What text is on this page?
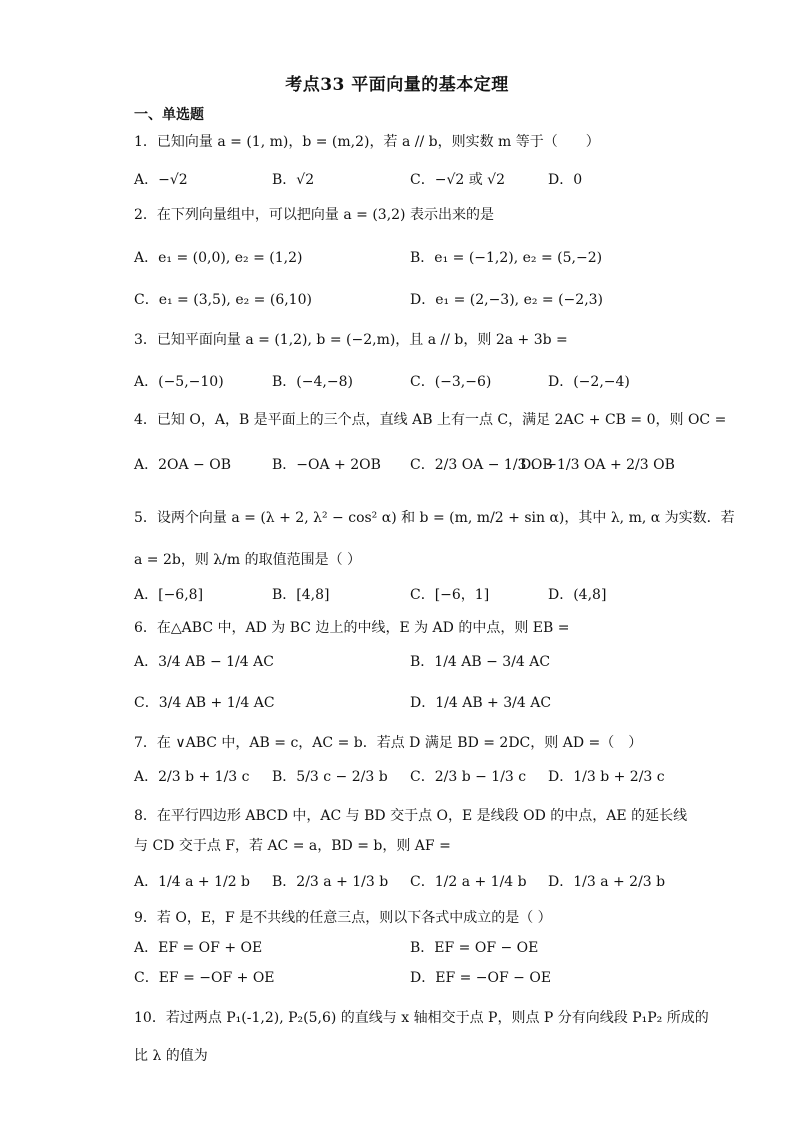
考点33 平面向量的基本定理
一、单选题
1．已知向量 a = (1, m)，b = (m,2)，若 a // b，则实数 m 等于（　　）
A．−√2	B．√2	C．−√2 或 √2	D．0
2．在下列向量组中，可以把向量 a = (3,2) 表示出来的是
A．e₁ = (0,0), e₂ = (1,2)	B．e₁ = (−1,2), e₂ = (5,−2)
C．e₁ = (3,5), e₂ = (6,10)	D．e₁ = (2,−3), e₂ = (−2,3)
3．已知平面向量 a = (1,2), b = (−2,m)，且 a // b，则 2a + 3b =
A．(−5,−10)	B．(−4,−8)	C．(−3,−6)	D．(−2,−4)
4．已知 O，A，B 是平面上的三个点，直线 AB 上有一点 C，满足 2AC + CB = 0，则 OC =
A．2OA − OB	B．−OA + 2OB C．2/3 OA − 1/3 OB
D．−1/3 OA + 2/3 OB
5．设两个向量 a = (λ + 2, λ² − cos² α) 和 b = (m, m/2 + sin α)，其中 λ, m, α 为实数．若
a = 2b，则 λ/m 的取值范围是（ ）
A．[−6,8]	B．[4,8]	C．[−6，1]	D．(4,8]
6．在△ABC 中，AD 为 BC 边上的中线，E 为 AD 的中点，则 EB =
A．3/4 AB − 1/4 AC	B．1/4 AB − 3/4 AC
C．3/4 AB + 1/4 AC	D．1/4 AB + 3/4 AC
7．在 ∨ABC 中，AB = c，AC = b．若点 D 满足 BD = 2DC，则 AD =（　）
A．2/3 b + 1/3 c B．5/3 c − 2/3 b C．2/3 b − 1/3 c D．1/3 b + 2/3 c
8．在平行四边形 ABCD 中，AC 与 BD 交于点 O，E 是线段 OD 的中点，AE 的延长线
与 CD 交于点 F，若 AC = a，BD = b，则 AF =
A．1/4 a + 1/2 b B．2/3 a + 1/3 b C．1/2 a + 1/4 b D．1/3 a + 2/3 b
9．若 O，E，F 是不共线的任意三点，则以下各式中成立的是（ ）
A．EF = OF + OE	B．EF = OF − OE
C．EF = −OF + OE	D．EF = −OF − OE
10．若过两点 P₁(-1,2), P₂(5,6) 的直线与 x 轴相交于点 P，则点 P 分有向线段 P₁P₂ 所成的
比 λ 的值为
